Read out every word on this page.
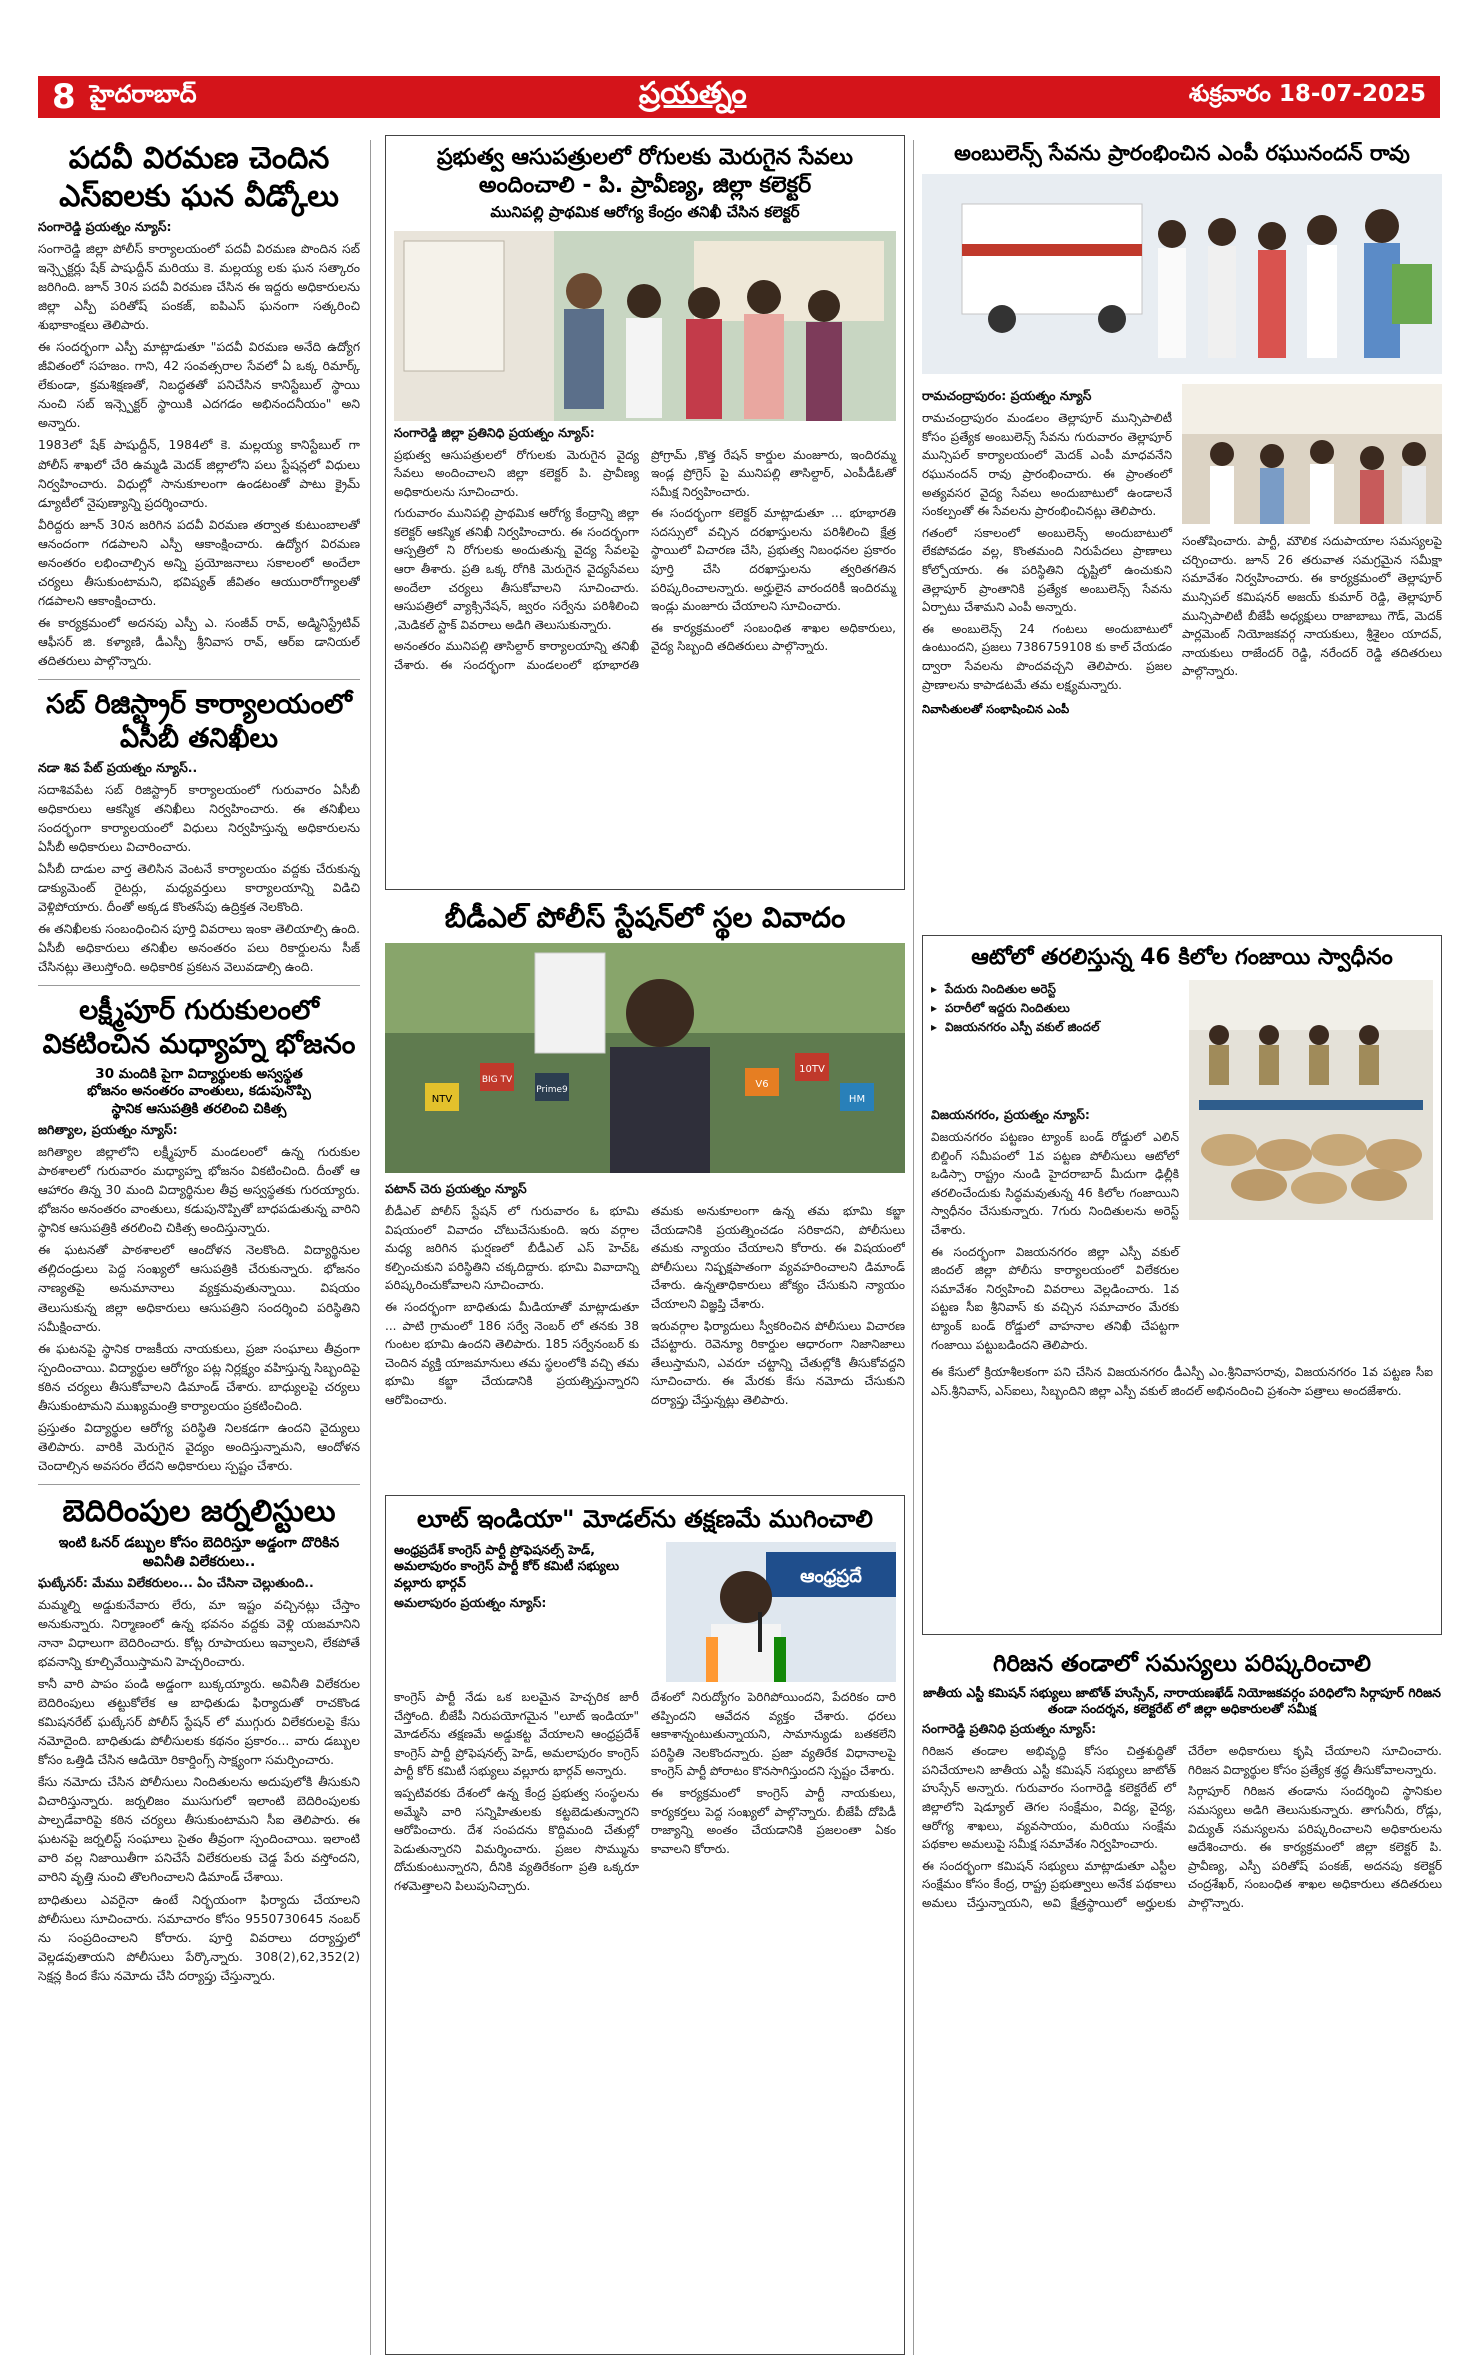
8 హైదరాబాద్	ప్రయత్నం	శుక్రవారం 18-07-2025
పదవీ విరమణ చెందిన ఎస్ఐలకు ఘన వీడ్కోలు
సంగారెడ్డి ప్రయత్నం న్యూస్:

సంగారెడ్డి జిల్లా పోలీస్ కార్యాలయంలో పదవీ విరమణ పొందిన సబ్ ఇన్స్పెక్టర్లు షేక్ పాషుద్దీన్ మరియు కె. మల్లయ్య లకు ఘన సత్కారం జరిగింది. జూన్ 30న పదవీ విరమణ చేసిన ఈ ఇద్దరు అధికారులను జిల్లా ఎస్పీ పరితోష్ పంకజ్, ఐపిఎస్ ఘనంగా సత్కరించి శుభాకాంక్షలు తెలిపారు.

ఈ సందర్భంగా ఎస్పీ మాట్లాడుతూ "పదవీ విరమణ అనేది ఉద్యోగ జీవితంలో సహజం. గాని, 42 సంవత్సరాల సేవలో ఏ ఒక్క రిమార్క్ లేకుండా, క్రమశిక్షణతో, నిబద్ధతతో పనిచేసిన కానిస్టేబుల్ స్థాయి నుంచి సబ్ ఇన్స్పెక్టర్ స్థాయికి ఎదగడం అభినందనీయం" అని అన్నారు.

1983లో షేక్ పాషుద్దీన్, 1984లో కె. మల్లయ్య కానిస్టేబుల్ గా పోలీస్ శాఖలో చేరి ఉమ్మడి మెదక్ జిల్లాలోని పలు స్టేషన్లలో విధులు నిర్వహించారు. విధుల్లో సానుకూలంగా ఉండటంతో పాటు క్రైమ్ డ్యూటీలో నైపుణ్యాన్ని ప్రదర్శించారు.

వీరిద్దరు జూన్ 30న జరిగిన పదవీ విరమణ తర్వాత కుటుంబాలతో ఆనందంగా గడపాలని ఎస్పీ ఆకాంక్షించారు. ఉద్యోగ విరమణ అనంతరం లభించాల్సిన అన్ని ప్రయోజనాలు సకాలంలో అందేలా చర్యలు తీసుకుంటామని, భవిష్యత్ జీవితం ఆయురారోగ్యాలతో గడపాలని ఆకాంక్షించారు.

ఈ కార్యక్రమంలో అదనపు ఎస్పీ ఎ. సంజీవ్ రావ్, అడ్మినిస్ట్రేటివ్ ఆఫీసర్ జి. కళ్యాణి, డీఎస్పీ శ్రీనివాస రావ్, ఆర్ఐ డానియల్ తదితరులు పాల్గొన్నారు.

సబ్ రిజిస్ట్రార్ కార్యాలయంలో ఏసీబీ తనిఖీలు
నడా శివ పేట్ ప్రయత్నం న్యూస్..

సదాశివపేట సబ్ రిజిస్ట్రార్ కార్యాలయంలో గురువారం ఏసీబీ అధికారులు ఆకస్మిక తనిఖీలు నిర్వహించారు. ఈ తనిఖీలు సందర్భంగా కార్యాలయంలో విధులు నిర్వహిస్తున్న అధికారులను ఏసీబీ అధికారులు విచారించారు.

ఏసీబీ దాడుల వార్త తెలిసిన వెంటనే కార్యాలయం వద్దకు చేరుకున్న డాక్యుమెంట్ రైటర్లు, మధ్యవర్తులు కార్యాలయాన్ని విడిచి వెళ్లిపోయారు. దీంతో అక్కడ కొంతసేపు ఉద్రిక్తత నెలకొంది.

ఈ తనిఖీలకు సంబంధించిన పూర్తి వివరాలు ఇంకా తెలియాల్సి ఉంది. ఏసీబీ అధికారులు తనిఖీల అనంతరం పలు రికార్డులను సీజ్ చేసినట్లు తెలుస్తోంది. అధికారిక ప్రకటన వెలువడాల్సి ఉంది.

లక్ష్మీపూర్ గురుకులంలో వికటించిన మధ్యాహ్న భోజనం
30 మందికి పైగా విద్యార్థులకు అస్వస్థత
భోజనం అనంతరం వాంతులు, కడుపునొప్పి
స్థానిక ఆసుపత్రికి తరలించి చికిత్స
జగిత్యాల, ప్రయత్నం న్యూస్:

జగిత్యాల జిల్లాలోని లక్ష్మీపూర్ మండలంలో ఉన్న గురుకుల పాఠశాలలో గురువారం మధ్యాహ్న భోజనం వికటించింది. దీంతో ఆ ఆహారం తిన్న 30 మంది విద్యార్థినుల తీవ్ర అస్వస్థతకు గురయ్యారు. భోజనం అనంతరం వాంతులు, కడుపునొప్పితో బాధపడుతున్న వారిని స్థానిక ఆసుపత్రికి తరలించి చికిత్స అందిస్తున్నారు.

ఈ ఘటనతో పాఠశాలలో ఆందోళన నెలకొంది. విద్యార్థినుల తల్లిదండ్రులు పెద్ద సంఖ్యలో ఆసుపత్రికి చేరుకున్నారు. భోజనం నాణ్యతపై అనుమానాలు వ్యక్తమవుతున్నాయి. విషయం తెలుసుకున్న జిల్లా అధికారులు ఆసుపత్రిని సందర్శించి పరిస్థితిని సమీక్షించారు.

ఈ ఘటనపై స్థానిక రాజకీయ నాయకులు, ప్రజా సంఘాలు తీవ్రంగా స్పందించాయి. విద్యార్థుల ఆరోగ్యం పట్ల నిర్లక్ష్యం వహిస్తున్న సిబ్బందిపై కఠిన చర్యలు తీసుకోవాలని డిమాండ్ చేశారు. బాధ్యులపై చర్యలు తీసుకుంటామని ముఖ్యమంత్రి కార్యాలయం ప్రకటించింది.

ప్రస్తుతం విద్యార్థుల ఆరోగ్య పరిస్థితి నిలకడగా ఉందని వైద్యులు తెలిపారు. వారికి మెరుగైన వైద్యం అందిస్తున్నామని, ఆందోళన చెందాల్సిన అవసరం లేదని అధికారులు స్పష్టం చేశారు.

బెదిరింపుల జర్నలిస్టులు
ఇంటి ఓనర్ డబ్బుల కోసం బెదిరిస్తూ అడ్డంగా దొరికిన అవినీతి విలేకరులు..
ఘట్కేసర్: మేము విలేకరులం... ఏం చేసినా చెల్లుతుంది..

మమ్మల్ని అడ్డుకునేవారు లేరు, మా ఇష్టం వచ్చినట్లు చేస్తాం అనుకున్నారు. నిర్మాణంలో ఉన్న భవనం వద్దకు వెళ్లి యజమానిని నానా విధాలుగా బెదిరించారు. కోట్ల రూపాయలు ఇవ్వాలని, లేకపోతే భవనాన్ని కూల్చివేయిస్తామని హెచ్చరించారు.

కానీ వారి పాపం పండి అడ్డంగా బుక్కయ్యారు. అవినీతి విలేకరుల బెదిరింపులు తట్టుకోలేక ఆ బాధితుడు ఫిర్యాదుతో రాచకొండ కమిషనరేట్ ఘట్కేసర్ పోలీస్ స్టేషన్ లో ముగ్గురు విలేకరులపై కేసు నమోదైంది. బాధితుడు పోలీసులకు కథనం ప్రకారం... వారు డబ్బుల కోసం ఒత్తిడి చేసిన ఆడియో రికార్డింగ్స్ సాక్ష్యంగా సమర్పించారు.

కేసు నమోదు చేసిన పోలీసులు నిందితులను అదుపులోకి తీసుకుని విచారిస్తున్నారు. జర్నలిజం ముసుగులో ఇలాంటి బెదిరింపులకు పాల్పడేవారిపై కఠిన చర్యలు తీసుకుంటామని సీఐ తెలిపారు. ఈ ఘటనపై జర్నలిస్ట్ సంఘాలు సైతం తీవ్రంగా స్పందించాయి. ఇలాంటి వారి వల్ల నిజాయితీగా పనిచేసే విలేకరులకు చెడ్డ పేరు వస్తోందని, వారిని వృత్తి నుంచి తొలగించాలని డిమాండ్ చేశాయి.

బాధితులు ఎవరైనా ఉంటే నిర్భయంగా ఫిర్యాదు చేయాలని పోలీసులు సూచించారు. సమాచారం కోసం 9550730645 నంబర్ ను సంప్రదించాలని కోరారు. పూర్తి వివరాలు దర్యాప్తులో వెల్లడవుతాయని పోలీసులు పేర్కొన్నారు. 308(2),62,352(2) సెక్షన్ల కింద కేసు నమోదు చేసి దర్యాప్తు చేస్తున్నారు.

ప్రభుత్వ ఆసుపత్రులలో రోగులకు మెరుగైన సేవలు అందించాలి - పి. ప్రావీణ్య, జిల్లా కలెక్టర్
మునిపల్లి ప్రాథమిక ఆరోగ్య కేంద్రం తనిఖీ చేసిన కలెక్టర్
సంగారెడ్డి జిల్లా ప్రతినిధి ప్రయత్నం న్యూస్:

ప్రభుత్వ ఆసుపత్రులలో రోగులకు మెరుగైన వైద్య సేవలు అందించాలని జిల్లా కలెక్టర్ పి. ప్రావీణ్య అధికారులను సూచించారు.

గురువారం మునిపల్లి ప్రాథమిక ఆరోగ్య కేంద్రాన్ని జిల్లా కలెక్టర్ ఆకస్మిక తనిఖీ నిర్వహించారు. ఈ సందర్భంగా ఆస్పత్రిలో ని రోగులకు అందుతున్న వైద్య సేవలపై ఆరా తీశారు. ప్రతి ఒక్క రోగికి మెరుగైన వైద్యసేవలు అందేలా చర్యలు తీసుకోవాలని సూచించారు. ఆసుపత్రిలో వ్యాక్సినేషన్, జ్వరం సర్వేను పరిశీలించి ,మెడికల్ స్టాక్ వివరాలు అడిగి తెలుసుకున్నారు.

అనంతరం మునిపల్లి తాసిల్దార్ కార్యాలయాన్ని తనిఖీ చేశారు. ఈ సందర్భంగా మండలంలో భూభారతి ప్రోగ్రామ్ ,కొత్త రేషన్ కార్డుల మంజూరు, ఇందిరమ్మ ఇండ్ల ప్రోగ్రెస్ పై మునిపల్లి తాసిల్దార్, ఎంపీడీఓతో సమీక్ష నిర్వహించారు.

ఈ సందర్భంగా కలెక్టర్ మాట్లాడుతూ ... భూభారతి సదస్సులో వచ్చిన దరఖాస్తులను పరిశీలించి క్షేత్ర స్థాయిలో విచారణ చేసి, ప్రభుత్వ నిబంధనల ప్రకారం పూర్తి చేసి దరఖాస్తులను త్వరితగతిన పరిష్కరించాలన్నారు. అర్హులైన వారందరికీ ఇందిరమ్మ ఇండ్లు మంజూరు చేయాలని సూచించారు.

ఈ కార్యక్రమంలో సంబంధిత శాఖల అధికారులు, వైద్య సిబ్బంది తదితరులు పాల్గొన్నారు.

బీడీఎల్ పోలీస్ స్టేషన్‌లో స్థల వివాదం
NTV
BIG TV
Prime9	V6
10TV
HM
పటాన్ చెరు ప్రయత్నం న్యూస్

బీడీఎల్ పోలీస్ స్టేషన్ లో గురువారం ఓ భూమి విషయంలో వివాదం చోటుచేసుకుంది. ఇరు వర్గాల మధ్య జరిగిన ఘర్షణలో బీడీఎల్ ఎస్ హెచ్ఓ కల్పించుకుని పరిస్థితిని చక్కదిద్దారు. భూమి వివాదాన్ని పరిష్కరించుకోవాలని సూచించారు.

ఈ సందర్భంగా బాధితుడు మీడియాతో మాట్లాడుతూ ... పాటి గ్రామంలో 186 సర్వే నెంబర్ లో తనకు 38 గుంటల భూమి ఉందని తెలిపారు. 185 సర్వేనంబర్ కు చెందిన వ్యక్తి యాజమానులు తమ స్థలంలోకి వచ్చి తమ భూమి కబ్జా చేయడానికి ప్రయత్నిస్తున్నారని ఆరోపించారు.

తమకు అనుకూలంగా ఉన్న తమ భూమి కబ్జా చేయడానికి ప్రయత్నించడం సరికాదని, పోలీసులు తమకు న్యాయం చేయాలని కోరారు. ఈ విషయంలో పోలీసులు నిష్పక్షపాతంగా వ్యవహరించాలని డిమాండ్ చేశారు. ఉన్నతాధికారులు జోక్యం చేసుకుని న్యాయం చేయాలని విజ్ఞప్తి చేశారు.

ఇరువర్గాల ఫిర్యాదులు స్వీకరించిన పోలీసులు విచారణ చేపట్టారు. రెవెన్యూ రికార్డుల ఆధారంగా నిజానిజాలు తేలుస్తామని, ఎవరూ చట్టాన్ని చేతుల్లోకి తీసుకోవద్దని సూచించారు. ఈ మేరకు కేసు నమోదు చేసుకుని దర్యాప్తు చేస్తున్నట్లు తెలిపారు.

లూట్ ఇండియా" మోడల్‌ను తక్షణమే ముగించాలి
ఆంధ్రప్రదేశ్ కాంగ్రెస్ పార్టీ ప్రోఫెషనల్స్ హెడ్, అమలాపురం కాంగ్రెస్ పార్టీ కోర్ కమిటీ సభ్యులు వల్లూరు భార్గవ్
అమలాపురం ప్రయత్నం న్యూస్:
ఆంధ్రప్రదే

కాంగ్రెస్ పార్టీ నేడు ఒక బలమైన హెచ్చరిక జారీ చేస్తోంది. బీజేపీ నిరుపయోగమైన "లూట్ ఇండియా" మోడల్‌ను తక్షణమే అడ్డుకట్ట వేయాలని ఆంధ్రప్రదేశ్ కాంగ్రెస్ పార్టీ ప్రోఫెషనల్స్ హెడ్, అమలాపురం కాంగ్రెస్ పార్టీ కోర్ కమిటీ సభ్యులు వల్లూరు భార్గవ్ అన్నారు.

ఇప్పటివరకు దేశంలో ఉన్న కేంద్ర ప్రభుత్వ సంస్థలను అమ్మేసి వారి సన్నిహితులకు కట్టబెడుతున్నారని ఆరోపించారు. దేశ సంపదను కొద్దిమంది చేతుల్లో పెడుతున్నారని విమర్శించారు. ప్రజల సొమ్మును దోచుకుంటున్నారని, దీనికి వ్యతిరేకంగా ప్రతి ఒక్కరూ గళమెత్తాలని పిలుపునిచ్చారు.

దేశంలో నిరుద్యోగం పెరిగిపోయిందని, పేదరికం దారి తప్పిందని ఆవేదన వ్యక్తం చేశారు. ధరలు ఆకాశాన్నంటుతున్నాయని, సామాన్యుడు బతకలేని పరిస్థితి నెలకొందన్నారు. ప్రజా వ్యతిరేక విధానాలపై కాంగ్రెస్ పార్టీ పోరాటం కొనసాగిస్తుందని స్పష్టం చేశారు.

ఈ కార్యక్రమంలో కాంగ్రెస్ పార్టీ నాయకులు, కార్యకర్తలు పెద్ద సంఖ్యలో పాల్గొన్నారు. బీజేపీ దోపిడీ రాజ్యాన్ని అంతం చేయడానికి ప్రజలంతా ఏకం కావాలని కోరారు.

అంబులెన్స్ సేవను ప్రారంభించిన ఎంపీ రఘునందన్ రావు
రామచంద్రాపురం: ప్రయత్నం న్యూస్

రామచంద్రాపురం మండలం తెల్లాపూర్ మున్సిపాలిటీ కోసం ప్రత్యేక అంబులెన్స్ సేవను గురువారం తెల్లాపూర్ మున్సిపల్ కార్యాలయంలో మెదక్ ఎంపీ మాధవనేని రఘునందన్ రావు ప్రారంభించారు. ఈ ప్రాంతంలో అత్యవసర వైద్య సేవలు అందుబాటులో ఉండాలనే సంకల్పంతో ఈ సేవలను ప్రారంభించినట్లు తెలిపారు.

గతంలో సకాలంలో అంబులెన్స్ అందుబాటులో లేకపోవడం వల్ల, కొంతమంది నిరుపేదలు ప్రాణాలు కోల్పోయారు. ఈ పరిస్థితిని దృష్టిలో ఉంచుకుని తెల్లాపూర్ ప్రాంతానికి ప్రత్యేక అంబులెన్స్ సేవను ఏర్పాటు చేశామని ఎంపీ అన్నారు.

ఈ అంబులెన్స్ 24 గంటలు అందుబాటులో ఉంటుందని, ప్రజలు 7386759108 కు కాల్ చేయడం ద్వారా సేవలను పొందవచ్చని తెలిపారు. ప్రజల ప్రాణాలను కాపాడటమే తమ లక్ష్యమన్నారు.

సంతోషించారు. పార్టీ, మౌలిక సదుపాయాల సమస్యలపై చర్చించారు. జూన్ 26 తరువాత సమగ్రమైన సమీక్షా సమావేశం నిర్వహించారు. ఈ కార్యక్రమంలో తెల్లాపూర్ మున్సిపల్ కమిషనర్ అజయ్ కుమార్ రెడ్డి, తెల్లాపూర్ మున్సిపాలిటీ బీజేపీ అధ్యక్షులు రాజాబాబు గౌడ్, మెదక్ పార్లమెంట్ నియోజకవర్గ నాయకులు, శ్రీశైలం యాదవ్, నాయకులు రాజేందర్ రెడ్డి, నరేందర్ రెడ్డి తదితరులు పాల్గొన్నారు.
నివాసితులతో సంభాషించిన ఎంపీ
ఆటోలో తరలిస్తున్న 46 కిలోల గంజాయి స్వాధీనం
▸ పేదురు నిందితుల అరెస్ట్
▸ పరారీలో ఇద్దరు నిందితులు
▸ విజయనగరం ఎస్పీ వకుల్ జిందల్
విజయనగరం, ప్రయత్నం న్యూస్:

విజయనగరం పట్టణం ట్యాంక్ బండ్ రోడ్డులో ఎలిన్ బిల్డింగ్ సమీపంలో 1వ పట్టణ పోలీసులు ఆటోలో ఒడిస్సా రాష్ట్రం నుండి హైదరాబాద్ మీదుగా ఢిల్లీకి తరలించేందుకు సిద్ధమవుతున్న 46 కిలోల గంజాయిని స్వాధీనం చేసుకున్నారు. 7గురు నిందితులను అరెస్ట్ చేశారు.

ఈ సందర్భంగా విజయనగరం జిల్లా ఎస్పీ వకుల్ జిందల్ జిల్లా పోలీసు కార్యాలయంలో విలేకరుల సమావేశం నిర్వహించి వివరాలు వెల్లడించారు. 1వ పట్టణ సీఐ శ్రీనివాస్ కు వచ్చిన సమాచారం మేరకు ట్యాంక్ బండ్ రోడ్డులో వాహనాల తనిఖీ చేపట్టగా గంజాయి పట్టుబడిందని తెలిపారు.

ఈ కేసులో క్రియాశీలకంగా పని చేసిన విజయనగరం డీఎస్పీ ఎం.శ్రీనివాసరావు, విజయనగరం 1వ పట్టణ సీఐ ఎస్.శ్రీనివాస్, ఎస్ఐలు, సిబ్బందిని జిల్లా ఎస్పీ వకుల్ జిందల్ అభినందించి ప్రశంసా పత్రాలు అందజేశారు.
గిరిజన తండాలో సమస్యలు పరిష్కరించాలి
జాతీయ ఎస్టీ కమిషన్ సభ్యులు జాటోత్ హుస్సేన్, నారాయణఖేడ్ నియోజకవర్గం పరిధిలోని సిర్గాపూర్ గిరిజన తండా సందర్శన, కలెక్టరేట్ లో జిల్లా అధికారులతో సమీక్ష
సంగారెడ్డి ప్రతినిధి ప్రయత్నం న్యూస్:

గిరిజన తండాల అభివృద్ధి కోసం చిత్తశుద్ధితో పనిచేయాలని జాతీయ ఎస్టీ కమిషన్ సభ్యులు జాటోత్ హుస్సేన్ అన్నారు. గురువారం సంగారెడ్డి కలెక్టరేట్ లో జిల్లాలోని షెడ్యూల్ తెగల సంక్షేమం, విద్య, వైద్య, ఆరోగ్య శాఖలు, వ్యవసాయం, మరియు సంక్షేమ పథకాల అమలుపై సమీక్ష సమావేశం నిర్వహించారు.

ఈ సందర్భంగా కమిషన్ సభ్యులు మాట్లాడుతూ ఎస్టీల సంక్షేమం కోసం కేంద్ర, రాష్ట్ర ప్రభుత్వాలు అనేక పథకాలు అమలు చేస్తున్నాయని, అవి క్షేత్రస్థాయిలో అర్హులకు చేరేలా అధికారులు కృషి చేయాలని సూచించారు. గిరిజన విద్యార్థుల కోసం ప్రత్యేక శ్రద్ధ తీసుకోవాలన్నారు.

సిర్గాపూర్ గిరిజన తండాను సందర్శించి స్థానికుల సమస్యలు అడిగి తెలుసుకున్నారు. తాగునీరు, రోడ్లు, విద్యుత్ సమస్యలను పరిష్కరించాలని అధికారులను ఆదేశించారు. ఈ కార్యక్రమంలో జిల్లా కలెక్టర్ పి. ప్రావీణ్య, ఎస్పీ పరితోష్ పంకజ్, అదనపు కలెక్టర్ చంద్రశేఖర్, సంబంధిత శాఖల అధికారులు తదితరులు పాల్గొన్నారు.
